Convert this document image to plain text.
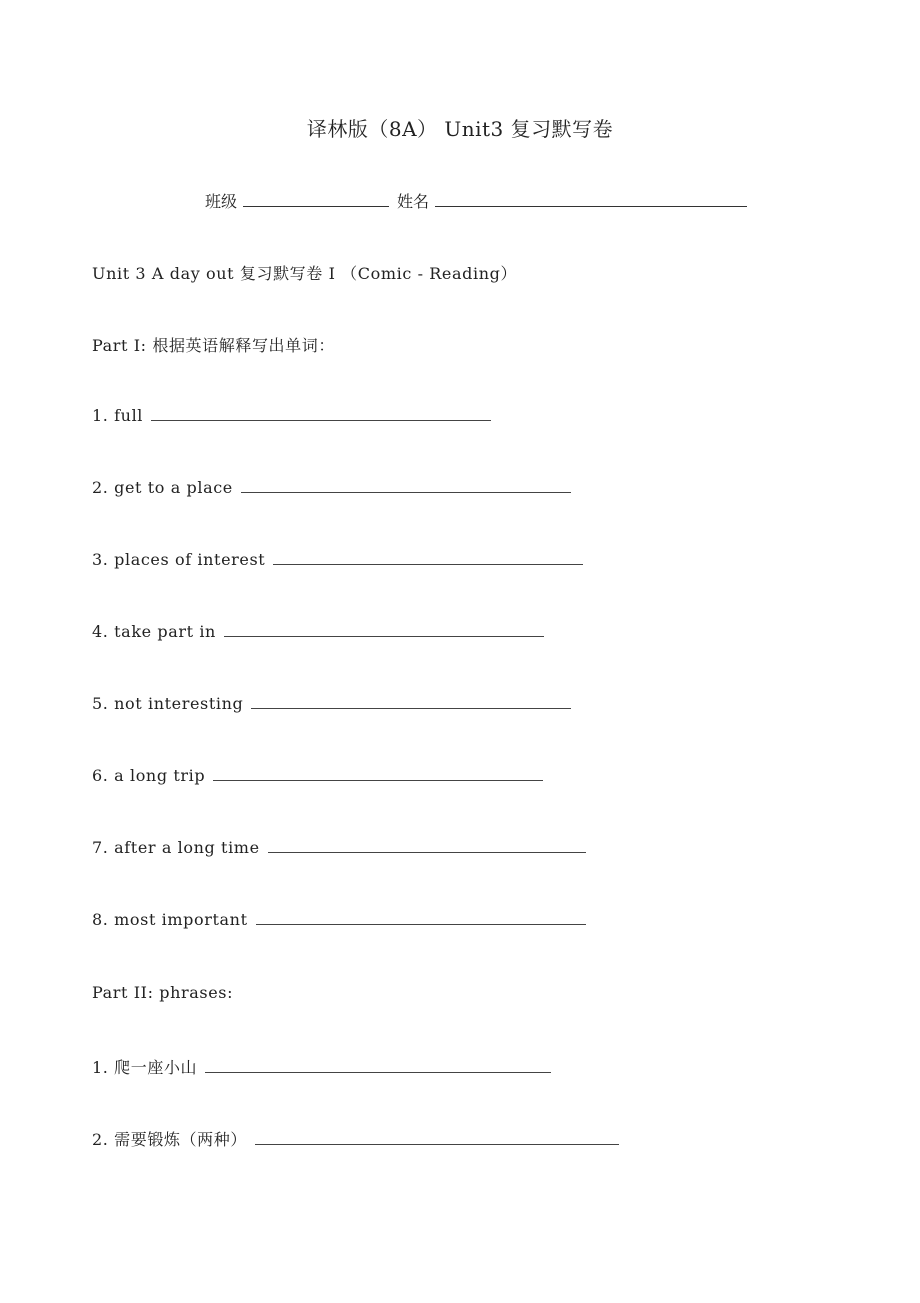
译林版（8A） Unit3 复习默写卷
班级	姓名
Unit 3 A day out 复习默写卷 I （Comic - Reading）
Part I: 根据英语解释写出单词：
1. full
2. get to a place
3. places of interest
4. take part in
5. not interesting
6. a long trip
7. after a long time
8. most important
Part II: phrases:
1. 爬一座小山
2. 需要锻炼（两种）
